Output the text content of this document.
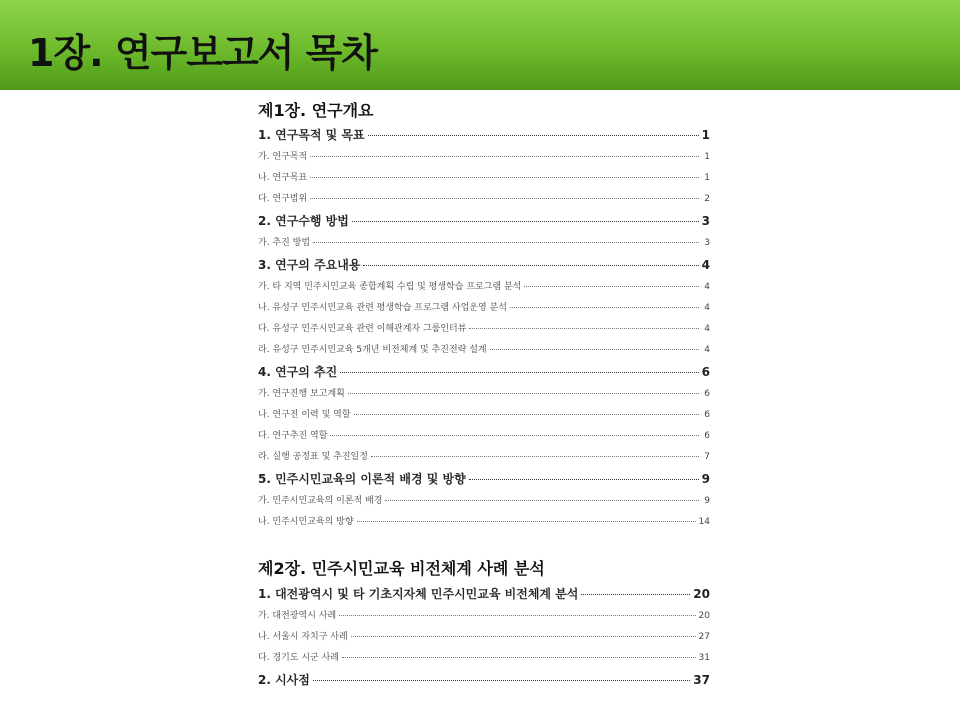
1장. 연구보고서 목차
제1장. 연구개요
1. 연구목적 및 목표	1
가. 연구목적	1
나. 연구목표	1
다. 연구범위	2
2. 연구수행 방법	3
가. 추진 방법	3
3. 연구의 주요내용	4
가. 타 지역 민주시민교육 종합계획 수립 및 평생학습 프로그램 분석	4
나. 유성구 민주시민교육 관련 평생학습 프로그램 사업운영 분석	4
다. 유성구 민주시민교육 관련 이해관계자 그룹인터뷰	4
라. 유성구 민주시민교육 5개년 비전체계 및 추진전략 설계	4
4. 연구의 추진	6
가. 연구진행 보고계획	6
나. 연구진 이력 및 역할	6
다. 연구추진 역할	6
라. 실행 공정표 및 추진일정	7
5. 민주시민교육의 이론적 배경 및 방향	9
가. 민주시민교육의 이론적 배경	9
나. 민주시민교육의 방향	14
제2장. 민주시민교육 비전체계 사례 분석
1. 대전광역시 및 타 기초지자체 민주시민교육 비전체계 분석	20
가. 대전광역시 사례	20
나. 서울시 자치구 사례	27
다. 경기도 시군 사례	31
2. 시사점	37
